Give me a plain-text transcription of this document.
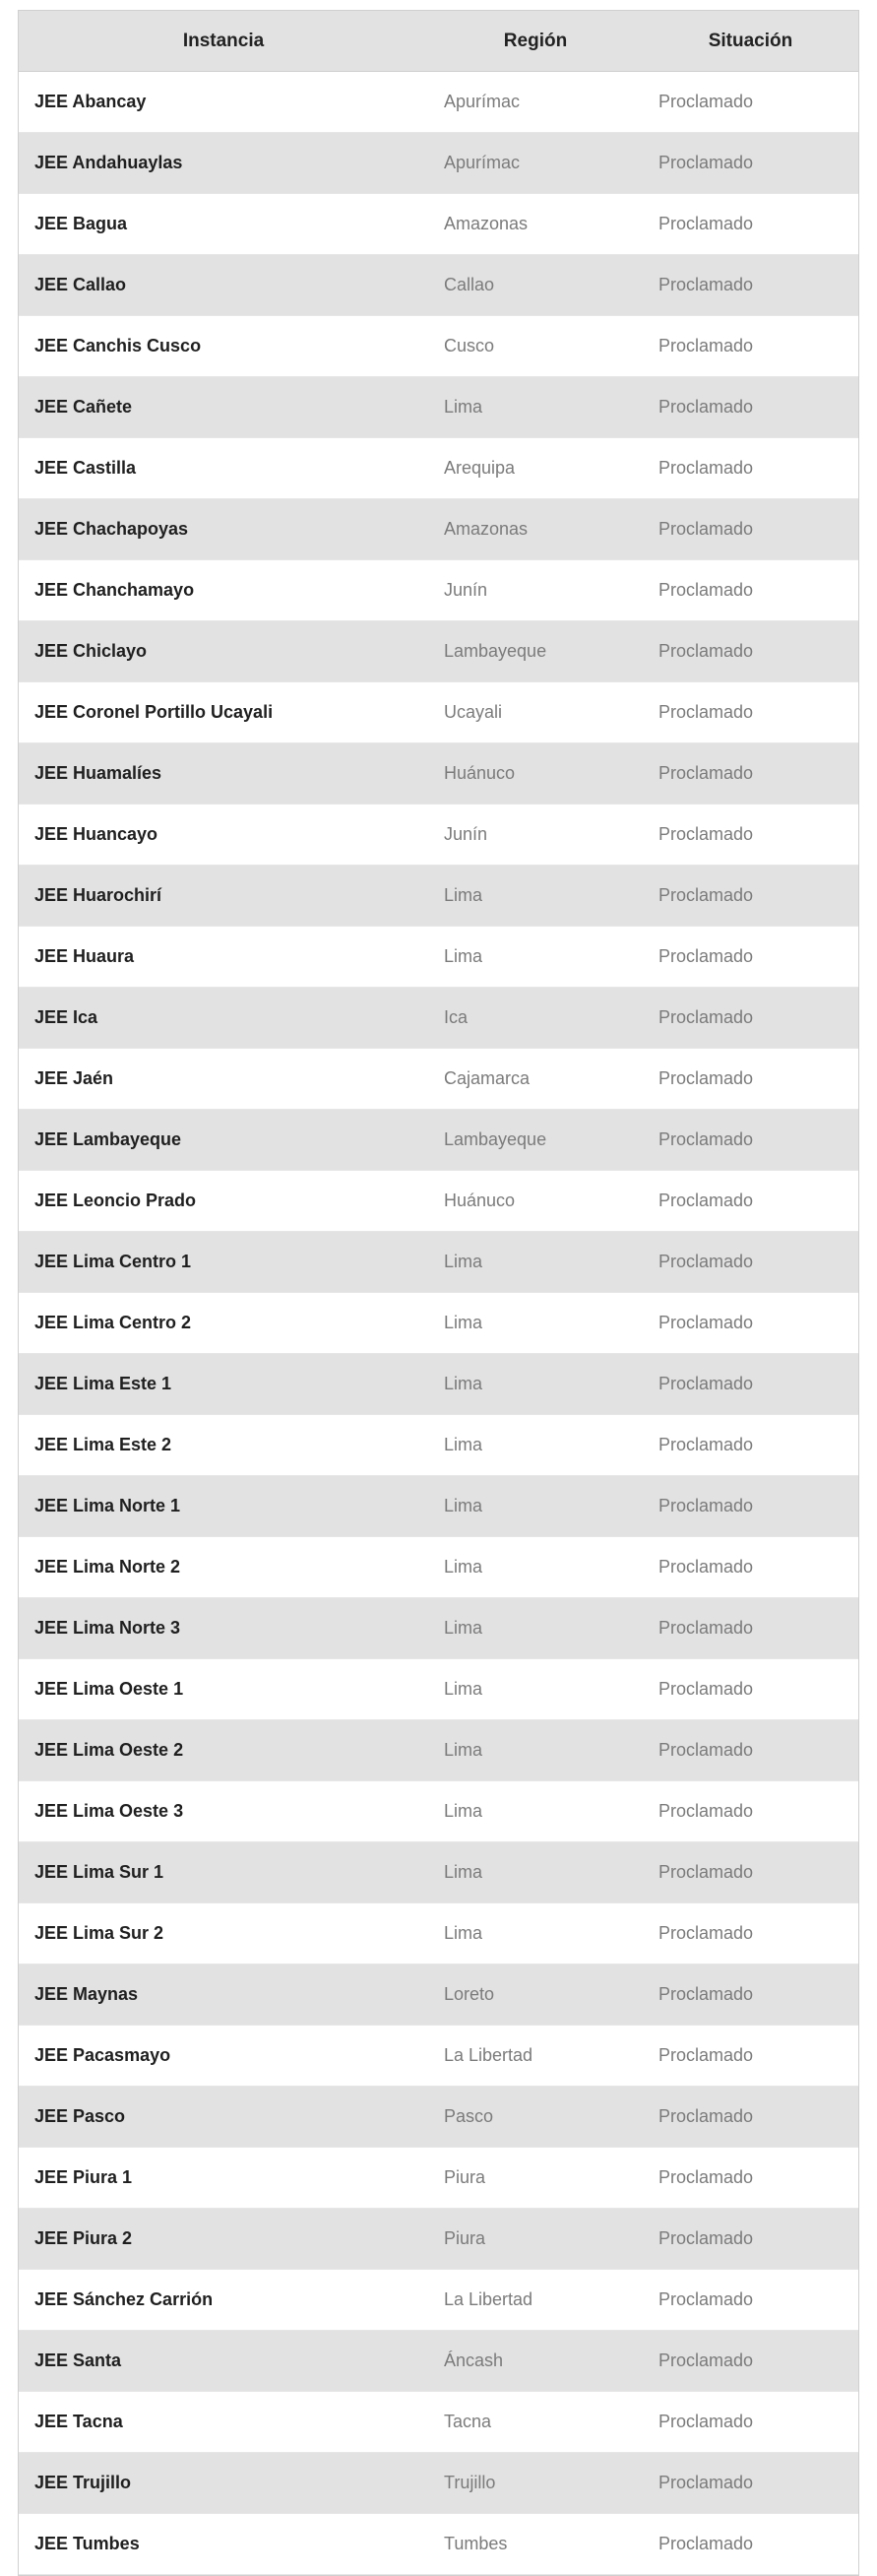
Instancia	Región	Situación
JEE Abancay	Apurímac	Proclamado
JEE Andahuaylas	Apurímac	Proclamado
JEE Bagua	Amazonas	Proclamado
JEE Callao	Callao	Proclamado
JEE Canchis Cusco	Cusco	Proclamado
JEE Cañete	Lima	Proclamado
JEE Castilla	Arequipa	Proclamado
JEE Chachapoyas	Amazonas	Proclamado
JEE Chanchamayo	Junín	Proclamado
JEE Chiclayo	Lambayeque	Proclamado
JEE Coronel Portillo Ucayali	Ucayali	Proclamado
JEE Huamalíes	Huánuco	Proclamado
JEE Huancayo	Junín	Proclamado
JEE Huarochirí	Lima	Proclamado
JEE Huaura	Lima	Proclamado
JEE Ica	Ica	Proclamado
JEE Jaén	Cajamarca	Proclamado
JEE Lambayeque	Lambayeque	Proclamado
JEE Leoncio Prado	Huánuco	Proclamado
JEE Lima Centro 1	Lima	Proclamado
JEE Lima Centro 2	Lima	Proclamado
JEE Lima Este 1	Lima	Proclamado
JEE Lima Este 2	Lima	Proclamado
JEE Lima Norte 1	Lima	Proclamado
JEE Lima Norte 2	Lima	Proclamado
JEE Lima Norte 3	Lima	Proclamado
JEE Lima Oeste 1	Lima	Proclamado
JEE Lima Oeste 2	Lima	Proclamado
JEE Lima Oeste 3	Lima	Proclamado
JEE Lima Sur 1	Lima	Proclamado
JEE Lima Sur 2	Lima	Proclamado
JEE Maynas	Loreto	Proclamado
JEE Pacasmayo	La Libertad	Proclamado
JEE Pasco	Pasco	Proclamado
JEE Piura 1	Piura	Proclamado
JEE Piura 2	Piura	Proclamado
JEE Sánchez Carrión	La Libertad	Proclamado
JEE Santa	Áncash	Proclamado
JEE Tacna	Tacna	Proclamado
JEE Trujillo	Trujillo	Proclamado
JEE Tumbes	Tumbes	Proclamado
